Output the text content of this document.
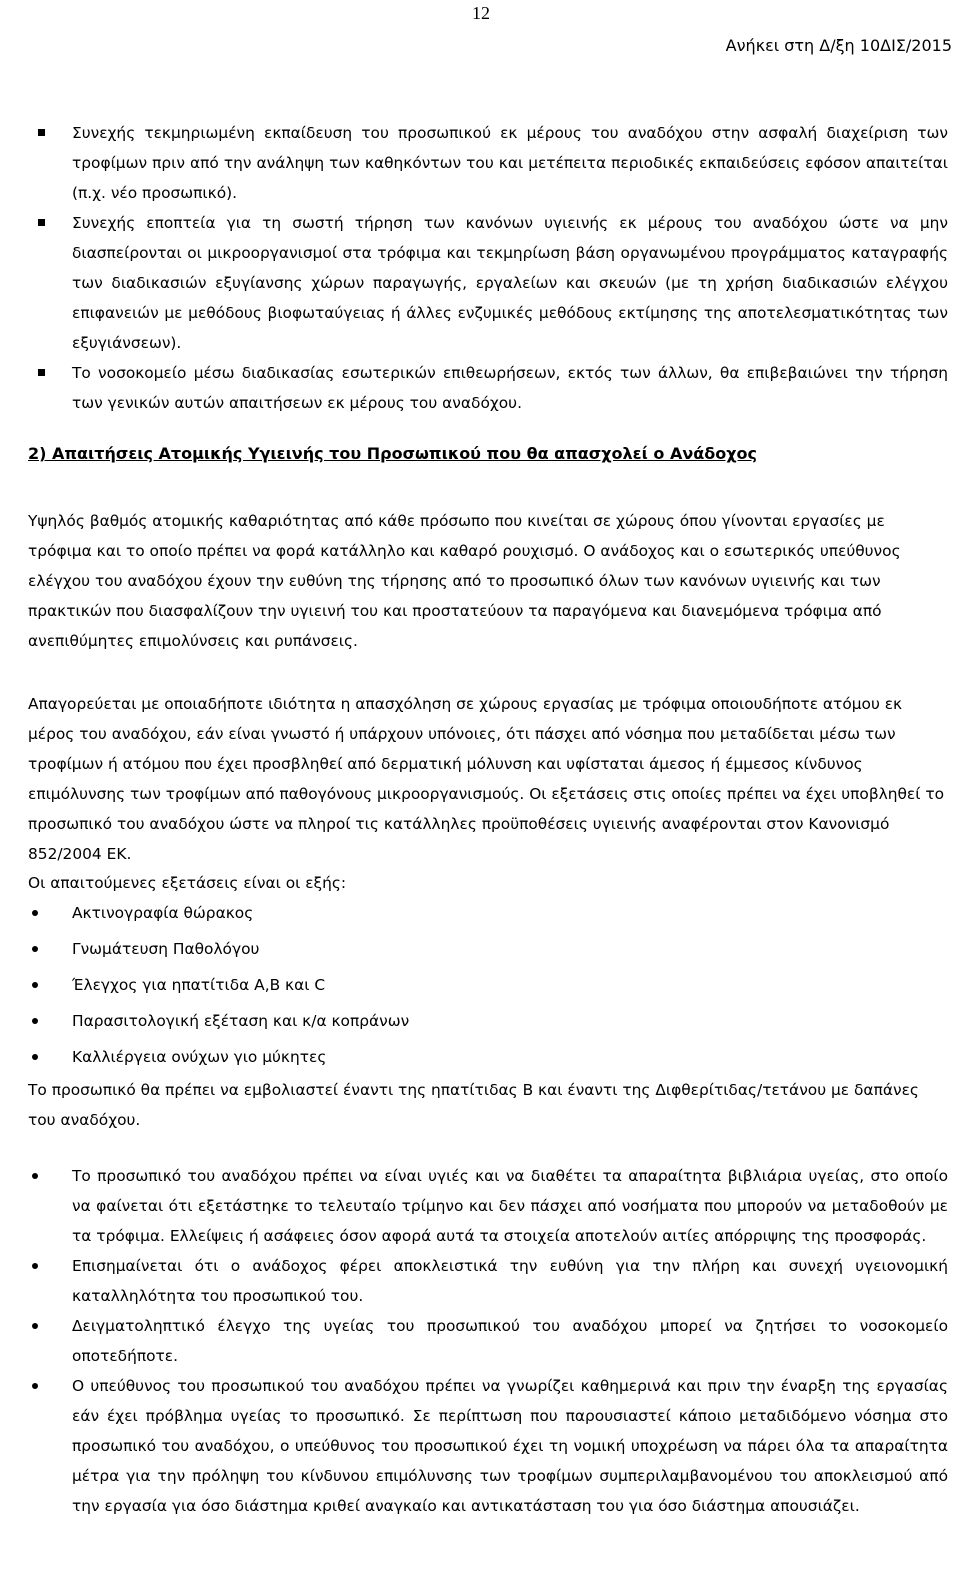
12
Ανήκει στη Δ/ξη 10ΔΙΣ/2015
Συνεχής τεκμηριωμένη εκπαίδευση του προσωπικού εκ μέρους του αναδόχου στην ασφαλή διαχείριση των τροφίμων πριν από την ανάληψη των καθηκόντων του και μετέπειτα περιοδικές εκπαιδεύσεις εφόσον απαιτείται (π.χ. νέο προσωπικό).
Συνεχής εποπτεία για τη σωστή τήρηση των κανόνων υγιεινής εκ μέρους του αναδόχου ώστε να μην διασπείρονται οι μικροοργανισμοί στα τρόφιμα και τεκμηρίωση βάση οργανωμένου προγράμματος καταγραφής των διαδικασιών εξυγίανσης χώρων παραγωγής, εργαλείων και σκευών (με τη χρήση διαδικασιών ελέγχου επιφανειών με μεθόδους βιοφωταύγειας ή άλλες ενζυμικές μεθόδους εκτίμησης της αποτελεσματικότητας των εξυγιάνσεων).
Το νοσοκομείο μέσω διαδικασίας εσωτερικών επιθεωρήσεων, εκτός των άλλων, θα επιβεβαιώνει την τήρηση των γενικών αυτών απαιτήσεων εκ μέρους του αναδόχου.
2) Απαιτήσεις Ατομικής Υγιεινής του Προσωπικού που θα απασχολεί ο Ανάδοχος

Υψηλός βαθμός ατομικής καθαριότητας από κάθε πρόσωπο που κινείται σε χώρους όπου γίνονται εργασίες με τρόφιμα και το οποίο πρέπει να φορά κατάλληλο και καθαρό ρουχισμό. Ο ανάδοχος και ο εσωτερικός υπεύθυνος ελέγχου του αναδόχου έχουν την ευθύνη της τήρησης από το προσωπικό όλων των κανόνων υγιεινής και των πρακτικών που διασφαλίζουν την υγιεινή του και προστατεύουν τα παραγόμενα και διανεμόμενα τρόφιμα από ανεπιθύμητες επιμολύνσεις και ρυπάνσεις.

Απαγορεύεται με οποιαδήποτε ιδιότητα η απασχόληση σε χώρους εργασίας με τρόφιμα οποιουδήποτε ατόμου εκ μέρος του αναδόχου, εάν είναι γνωστό ή υπάρχουν υπόνοιες, ότι πάσχει από νόσημα που μεταδίδεται μέσω των τροφίμων ή ατόμου που έχει προσβληθεί από δερματική μόλυνση και υφίσταται άμεσος ή έμμεσος κίνδυνος επιμόλυνσης των τροφίμων από παθογόνους μικροοργανισμούς. Οι εξετάσεις στις οποίες πρέπει να έχει υποβληθεί το προσωπικό του αναδόχου ώστε να πληροί τις κατάλληλες προϋποθέσεις υγιεινής αναφέρονται στον Κανονισμό 852/2004 ΕΚ.

Οι απαιτούμενες εξετάσεις είναι οι εξής:

Ακτινογραφία θώρακος
Γνωμάτευση Παθολόγου
Έλεγχος για ηπατίτιδα Α,Β και C
Παρασιτολογική εξέταση και κ/α κοπράνων
Καλλιέργεια ονύχων γιο μύκητες

Το προσωπικό θα πρέπει να εμβολιαστεί έναντι της ηπατίτιδας Β και έναντι της Διφθερίτιδας/τετάνου με δαπάνες του αναδόχου.

Το προσωπικό του αναδόχου πρέπει να είναι υγιές και να διαθέτει τα απαραίτητα βιβλιάρια υγείας, στο οποίο να φαίνεται ότι εξετάστηκε το τελευταίο τρίμηνο και δεν πάσχει από νοσήματα που μπορούν να μεταδοθούν με τα τρόφιμα. Ελλείψεις ή ασάφειες όσον αφορά αυτά τα στοιχεία αποτελούν αιτίες απόρριψης της προσφοράς.
Επισημαίνεται ότι ο ανάδοχος φέρει αποκλειστικά την ευθύνη για την πλήρη και συνεχή υγειονομική καταλληλότητα του προσωπικού του.
Δειγματοληπτικό έλεγχο της υγείας του προσωπικού του αναδόχου μπορεί να ζητήσει το νοσοκομείο οποτεδήποτε.
Ο υπεύθυνος του προσωπικού του αναδόχου πρέπει να γνωρίζει καθημερινά και πριν την έναρξη της εργασίας εάν έχει πρόβλημα υγείας το προσωπικό. Σε περίπτωση που παρουσιαστεί κάποιο μεταδιδόμενο νόσημα στο προσωπικό του αναδόχου, ο υπεύθυνος του προσωπικού έχει τη νομική υποχρέωση να πάρει όλα τα απαραίτητα μέτρα για την πρόληψη του κίνδυνου επιμόλυνσης των τροφίμων συμπεριλαμβανομένου του αποκλεισμού από την εργασία για όσο διάστημα κριθεί αναγκαίο και αντικατάσταση του για όσο διάστημα απουσιάζει.
